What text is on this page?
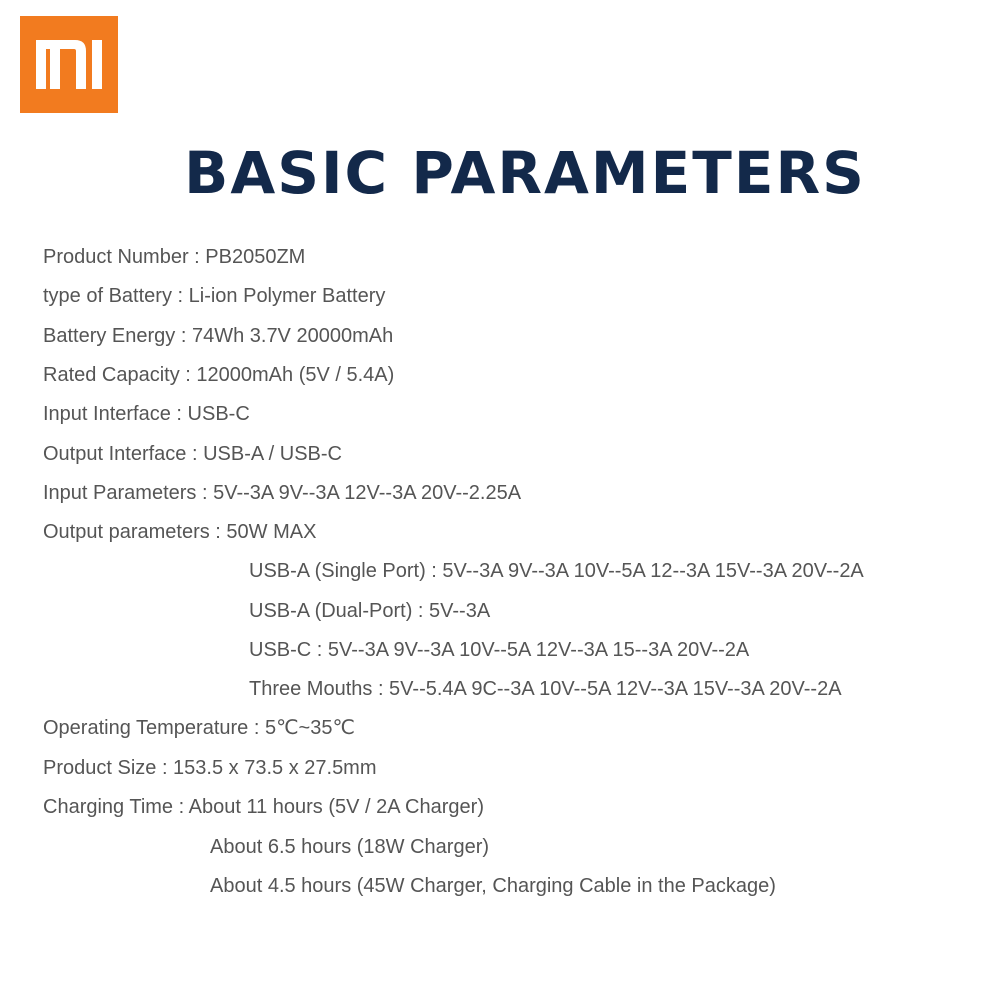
BASIC PARAMETERS

Product Number : PB2050ZM

type of Battery : Li-ion Polymer Battery

Battery Energy : 74Wh 3.7V 20000mAh

Rated Capacity : 12000mAh (5V / 5.4A)

Input Interface : USB-C

Output Interface : USB-A / USB-C

Input Parameters : 5V--3A 9V--3A 12V--3A 20V--2.25A

Output parameters : 50W MAX

USB-A (Single Port) : 5V--3A 9V--3A 10V--5A 12--3A 15V--3A 20V--2A

USB-A (Dual-Port) : 5V--3A

USB-C : 5V--3A 9V--3A 10V--5A 12V--3A 15--3A 20V--2A

Three Mouths : 5V--5.4A 9C--3A 10V--5A 12V--3A 15V--3A 20V--2A

Operating Temperature : 5℃~35℃

Product Size : 153.5 x 73.5 x 27.5mm

Charging Time : About 11 hours (5V / 2A Charger)

About 6.5 hours (18W Charger)

About 4.5 hours (45W Charger, Charging Cable in the Package)
